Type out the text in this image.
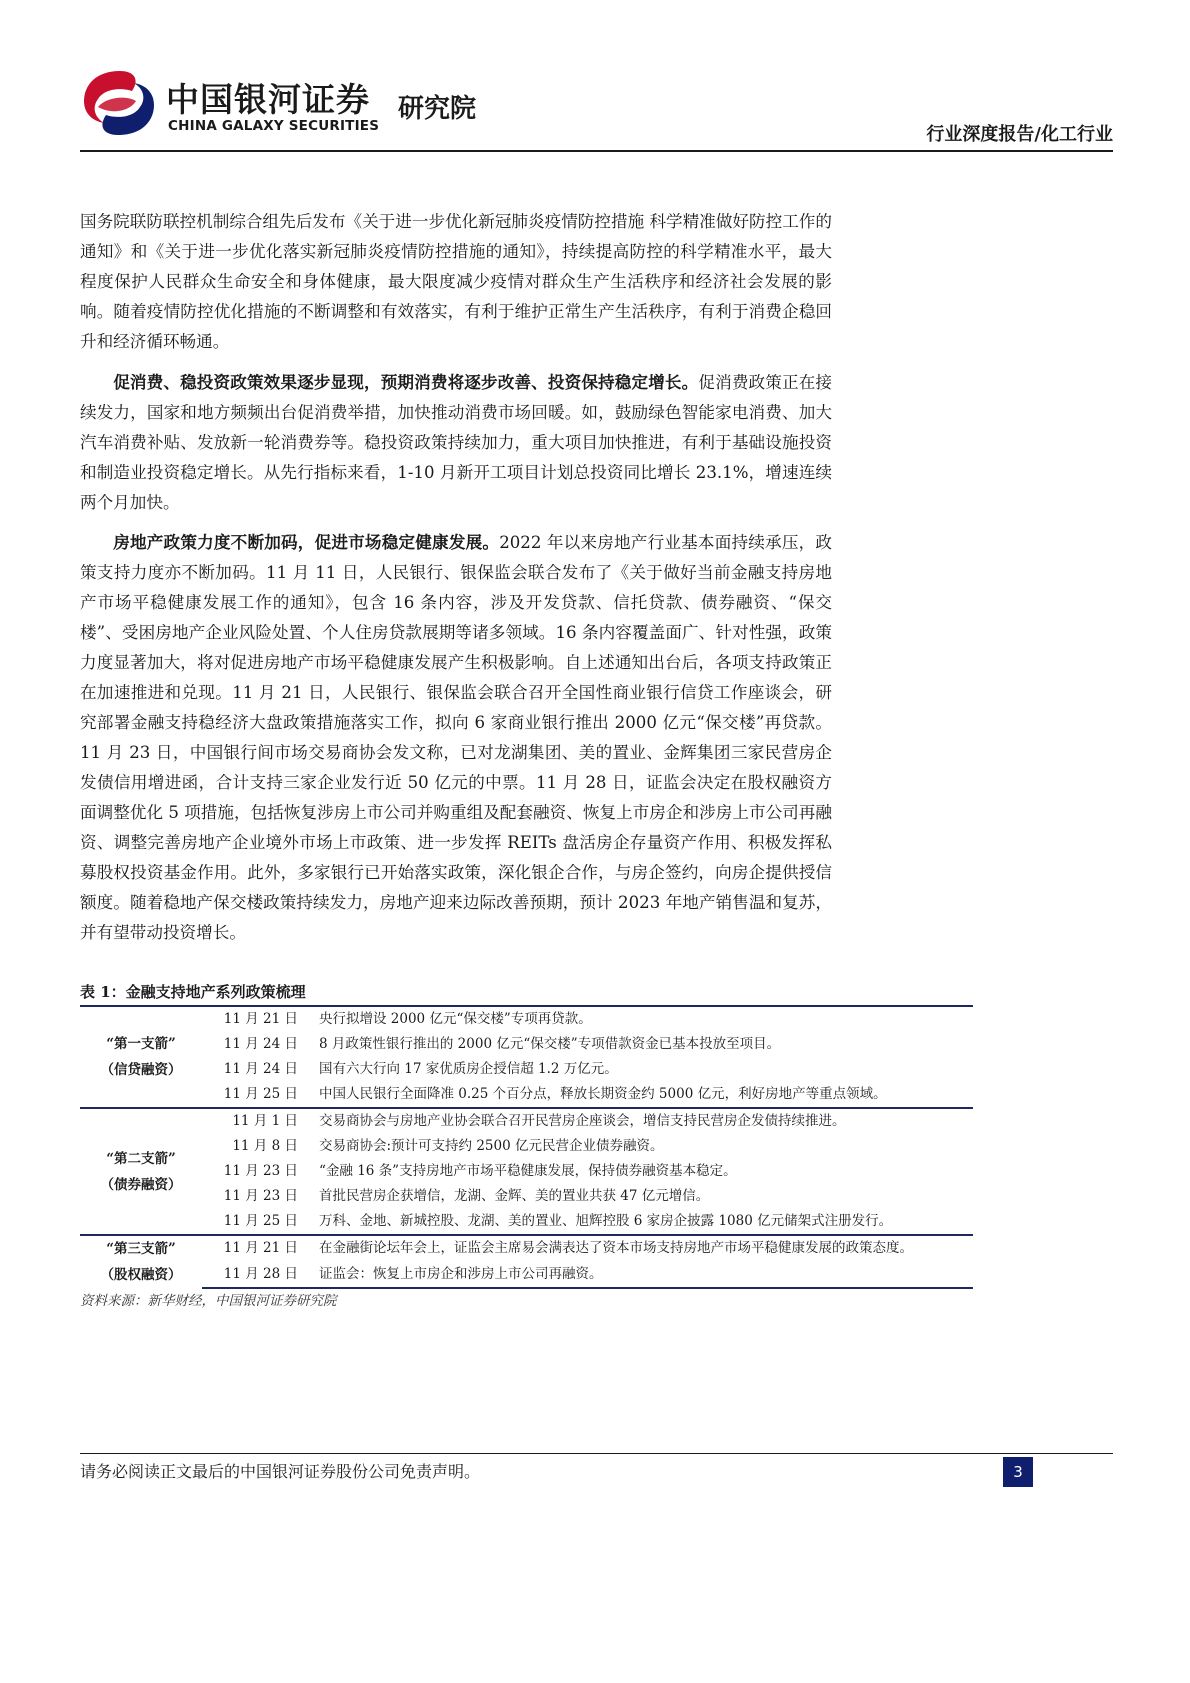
中国银河证券
CHINA GALAXY SECURITIES
研究院
行业深度报告/化工行业
国务院联防联控机制综合组先后发布《关于进一步优化新冠肺炎疫情防控措施 科学精准做好防控工作的通知》和《关于进一步优化落实新冠肺炎疫情防控措施的通知》，持续提高防控的科学精准水平，最大程度保护人民群众生命安全和身体健康，最大限度减少疫情对群众生产生活秩序和经济社会发展的影响。随着疫情防控优化措施的不断调整和有效落实，有利于维护正常生产生活秩序，有利于消费企稳回升和经济循环畅通。
促消费、稳投资政策效果逐步显现，预期消费将逐步改善、投资保持稳定增长。促消费政策正在接续发力，国家和地方频频出台促消费举措，加快推动消费市场回暖。如，鼓励绿色智能家电消费、加大汽车消费补贴、发放新一轮消费券等。稳投资政策持续加力，重大项目加快推进，有利于基础设施投资和制造业投资稳定增长。从先行指标来看，1-10 月新开工项目计划总投资同比增长 23.1%，增速连续两个月加快。
房地产政策力度不断加码，促进市场稳定健康发展。2022 年以来房地产行业基本面持续承压，政策支持力度亦不断加码。11 月 11 日，人民银行、银保监会联合发布了《关于做好当前金融支持房地产市场平稳健康发展工作的通知》，包含 16 条内容，涉及开发贷款、信托贷款、债券融资、“保交楼”、受困房地产企业风险处置、个人住房贷款展期等诸多领域。16 条内容覆盖面广、针对性强，政策力度显著加大，将对促进房地产市场平稳健康发展产生积极影响。自上述通知出台后，各项支持政策正在加速推进和兑现。11 月 21 日，人民银行、银保监会联合召开全国性商业银行信贷工作座谈会，研究部署金融支持稳经济大盘政策措施落实工作，拟向 6 家商业银行推出 2000 亿元“保交楼”再贷款。11 月 23 日，中国银行间市场交易商协会发文称，已对龙湖集团、美的置业、金辉集团三家民营房企发债信用增进函，合计支持三家企业发行近 50 亿元的中票。11 月 28 日，证监会决定在股权融资方面调整优化 5 项措施，包括恢复涉房上市公司并购重组及配套融资、恢复上市房企和涉房上市公司再融资、调整完善房地产企业境外市场上市政策、进一步发挥 REITs 盘活房企存量资产作用、积极发挥私募股权投资基金作用。此外，多家银行已开始落实政策，深化银企合作，与房企签约，向房企提供授信额度。随着稳地产保交楼政策持续发力，房地产迎来边际改善预期，预计 2023 年地产销售温和复苏，并有望带动投资增长。
表 1：金融支持地产系列政策梳理
“第一支箭”
（信贷融资）	11 月 21 日	央行拟增设 2000 亿元“保交楼”专项再贷款。
	11 月 24 日	8 月政策性银行推出的 2000 亿元“保交楼”专项借款资金已基本投放至项目。
	11 月 24 日	国有六大行向 17 家优质房企授信超 1.2 万亿元。
	11 月 25 日	中国人民银行全面降准 0.25 个百分点，释放长期资金约 5000 亿元，利好房地产等重点领域。

“第二支箭”
（债券融资）	11 月 1 日	交易商协会与房地产业协会联合召开民营房企座谈会，增信支持民营房企发债持续推进。
	11 月 8 日	交易商协会:预计可支持约 2500 亿元民营企业债券融资。
	11 月 23 日	“金融 16 条”支持房地产市场平稳健康发展，保持债券融资基本稳定。
	11 月 23 日	首批民营房企获增信，龙湖、金辉、美的置业共获 47 亿元增信。
	11 月 25 日	万科、金地、新城控股、龙湖、美的置业、旭辉控股 6 家房企披露 1080 亿元储架式注册发行。

“第三支箭”
（股权融资）	11 月 21 日	在金融街论坛年会上，证监会主席易会满表达了资本市场支持房地产市场平稳健康发展的政策态度。
	11 月 28 日	证监会：恢复上市房企和涉房上市公司再融资。
资料来源：新华财经，中国银河证券研究院
请务必阅读正文最后的中国银河证券股份公司免责声明。	3
